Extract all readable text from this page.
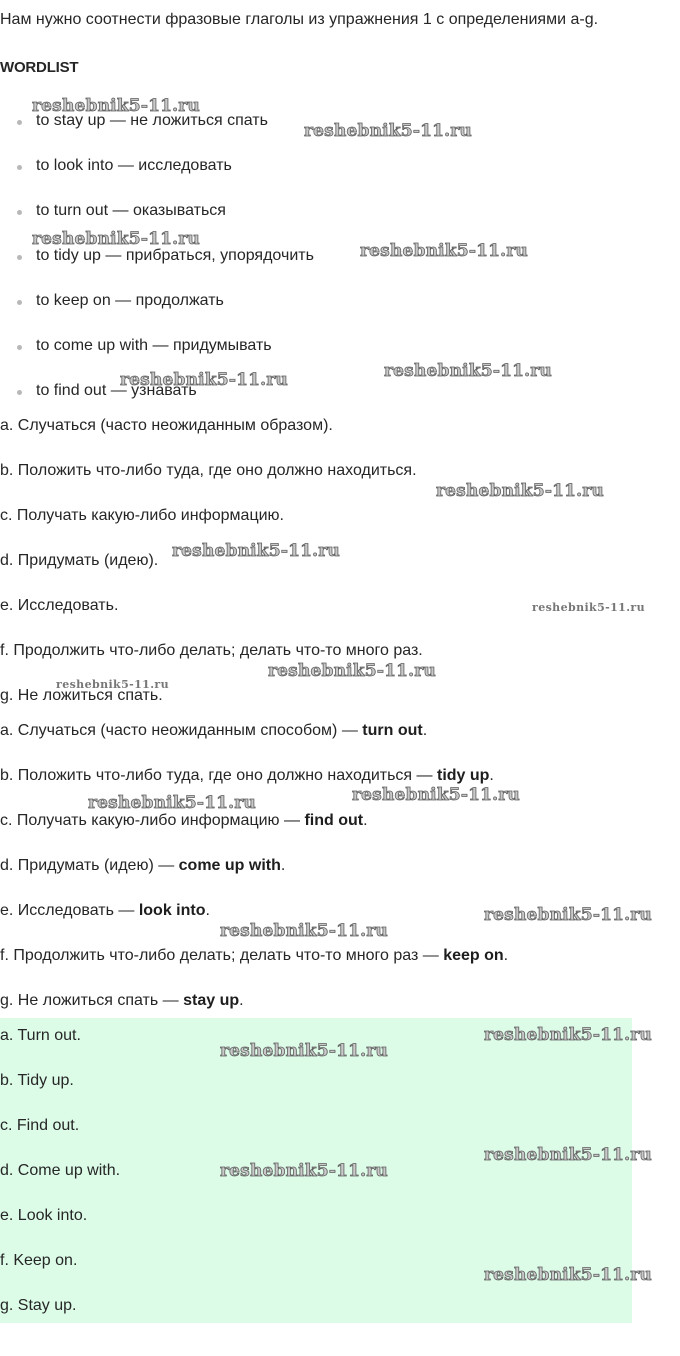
Нам нужно соотнести фразовые глаголы из упражнения 1 с определениями a-g.
WORDLIST
to stay up — не ложиться спать
to look into — исследовать
to turn out — оказываться
to tidy up — прибраться, упорядочить
to keep on — продолжать
to come up with — придумывать
to find out — узнавать
a. Случаться (часто неожиданным образом).
b. Положить что-либо туда, где оно должно находиться.
c. Получать какую-либо информацию.
d. Придумать (идею).
e. Исследовать.
f. Продолжить что-либо делать; делать что-то много раз.
g. Не ложиться спать.
a. Случаться (часто неожиданным способом) — turn out.
b. Положить что-либо туда, где оно должно находиться — tidy up.
c. Получать какую-либо информацию — find out.
d. Придумать (идею) — come up with.
e. Исследовать — look into.
f. Продолжить что-либо делать; делать что-то много раз — keep on.
g. Не ложиться спать — stay up.
a. Turn out.
b. Tidy up.
c. Find out.
d. Come up with.
e. Look into.
f. Keep on.
g. Stay up.
reshebnik5-11.ru
reshebnik5-11.ru
reshebnik5-11.ru
reshebnik5-11.ru
reshebnik5-11.ru
reshebnik5-11.ru
reshebnik5-11.ru
reshebnik5-11.ru
reshebnik5-11.ru
reshebnik5-11.ru
reshebnik5-11.ru
reshebnik5-11.ru	reshebnik5-11.ru
reshebnik5-11.ru
reshebnik5-11.ru
reshebnik5-11.ru
reshebnik5-11.ru
reshebnik5-11.ru
reshebnik5-11.ru
reshebnik5-11.ru
